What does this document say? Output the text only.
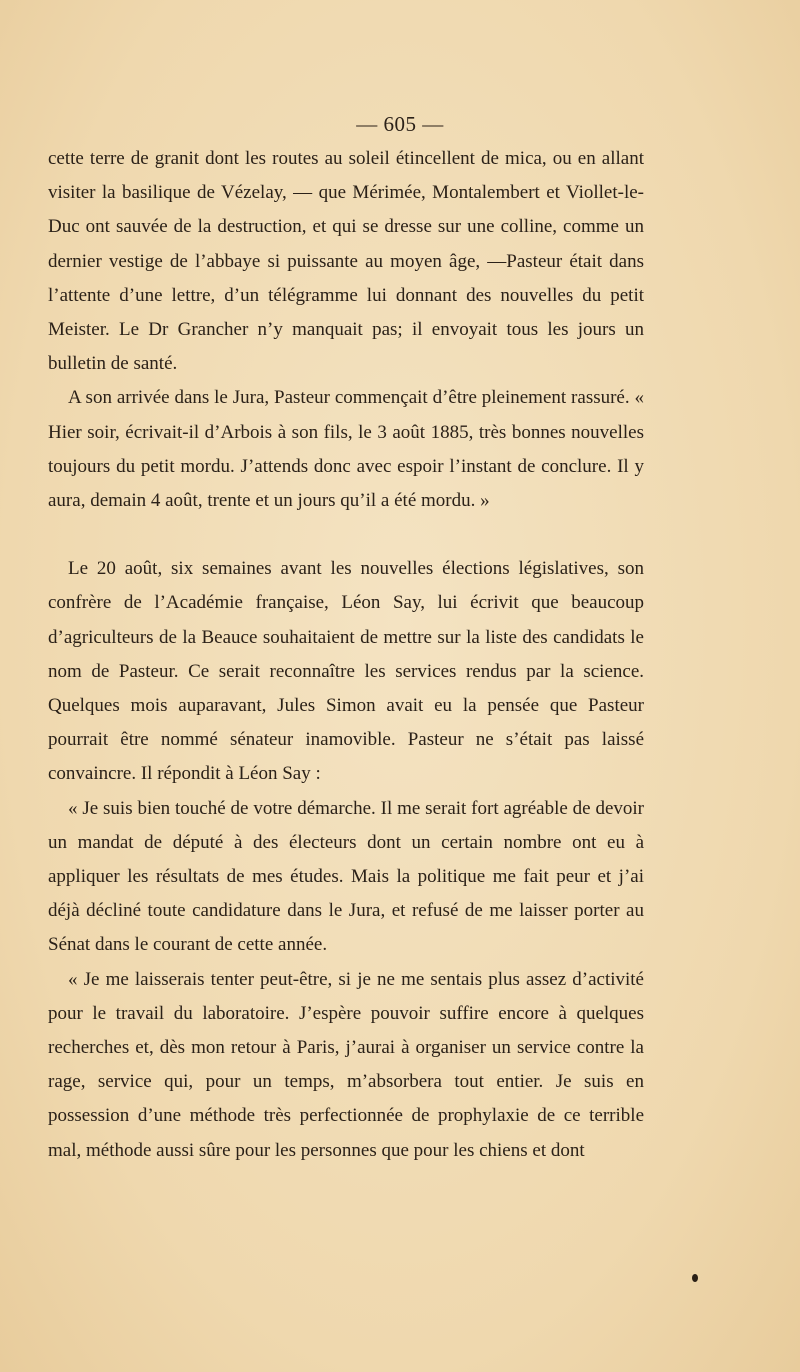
— 605 —

cette terre de granit dont les routes au soleil étincellent de mica, ou en allant visiter la basilique de Vézelay, — que Mérimée, Montalembert et Viollet-le-Duc ont sauvée de la destruction, et qui se dresse sur une colline, comme un dernier vestige de l’abbaye si puissante au moyen âge, —Pasteur était dans l’attente d’une lettre, d’un télégramme lui donnant des nouvelles du petit Meister. Le Dr Grancher n’y manquait pas; il envoyait tous les jours un bulletin de santé.

A son arrivée dans le Jura, Pasteur commençait d’être pleinement rassuré. « Hier soir, écrivait-il d’Arbois à son fils, le 3 août 1885, très bonnes nouvelles toujours du petit mordu. J’attends donc avec espoir l’instant de conclure. Il y aura, demain 4 août, trente et un jours qu’il a été mordu. »

Le 20 août, six semaines avant les nouvelles élections législatives, son confrère de l’Académie française, Léon Say, lui écrivit que beaucoup d’agriculteurs de la Beauce souhaitaient de mettre sur la liste des candidats le nom de Pasteur. Ce serait reconnaître les services rendus par la science. Quelques mois auparavant, Jules Simon avait eu la pensée que Pasteur pourrait être nommé sénateur inamovible. Pasteur ne s’était pas laissé convaincre. Il répondit à Léon Say :

« Je suis bien touché de votre démarche. Il me serait fort agréable de devoir un mandat de député à des électeurs dont un certain nombre ont eu à appliquer les résultats de mes études. Mais la politique me fait peur et j’ai déjà décliné toute candidature dans le Jura, et refusé de me laisser porter au Sénat dans le courant de cette année.

« Je me laisserais tenter peut-être, si je ne me sentais plus assez d’activité pour le travail du laboratoire. J’espère pouvoir suffire encore à quelques recherches et, dès mon retour à Paris, j’aurai à organiser un service contre la rage, service qui, pour un temps, m’absorbera tout entier. Je suis en possession d’une méthode très perfectionnée de prophylaxie de ce terrible mal, méthode aussi sûre pour les personnes que pour les chiens et dont
